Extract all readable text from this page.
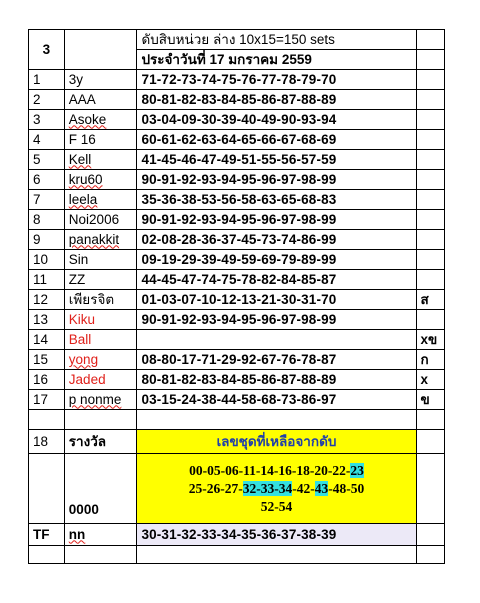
3		ดับสิบหน่วย ล่าง 10x15=150 sets	
		ประจำวันที่ 17 มกราคม 2559	
1	3y	71-72-73-74-75-76-77-78-79-70	
2	AAA	80-81-82-83-84-85-86-87-88-89	
3	Asoke	03-04-09-30-39-40-49-90-93-94	
4	F 16	60-61-62-63-64-65-66-67-68-69	
5	Kell	41-45-46-47-49-51-55-56-57-59	
6	kru60	90-91-92-93-94-95-96-97-98-99	
7	leela	35-36-38-53-56-58-63-65-68-83	
8	Noi2006	90-91-92-93-94-95-96-97-98-99	
9	panakkit	02-08-28-36-37-45-73-74-86-99	
10	Sin	09-19-29-39-49-59-69-79-89-99	
11	ZZ	44-45-47-74-75-78-82-84-85-87	
12	เพียรจิต	01-03-07-10-12-13-21-30-31-70	ส
13	Kiku	90-91-92-93-94-95-96-97-98-99	
14	Ball		xข
15	yong	08-80-17-71-29-92-67-76-78-87	ก
16	Jaded	80-81-82-83-84-85-86-87-88-89	x
17	p nonme	03-15-24-38-44-58-68-73-86-97	ข

18	รางวัล	เลขชุดที่เหลือจากดับ	
	0000	00-05-06-11-14-16-18-20-22-23
25-26-27-32-33-34-42-43-48-50
52-54	

TF	nn	30-31-32-33-34-35-36-37-38-39	
